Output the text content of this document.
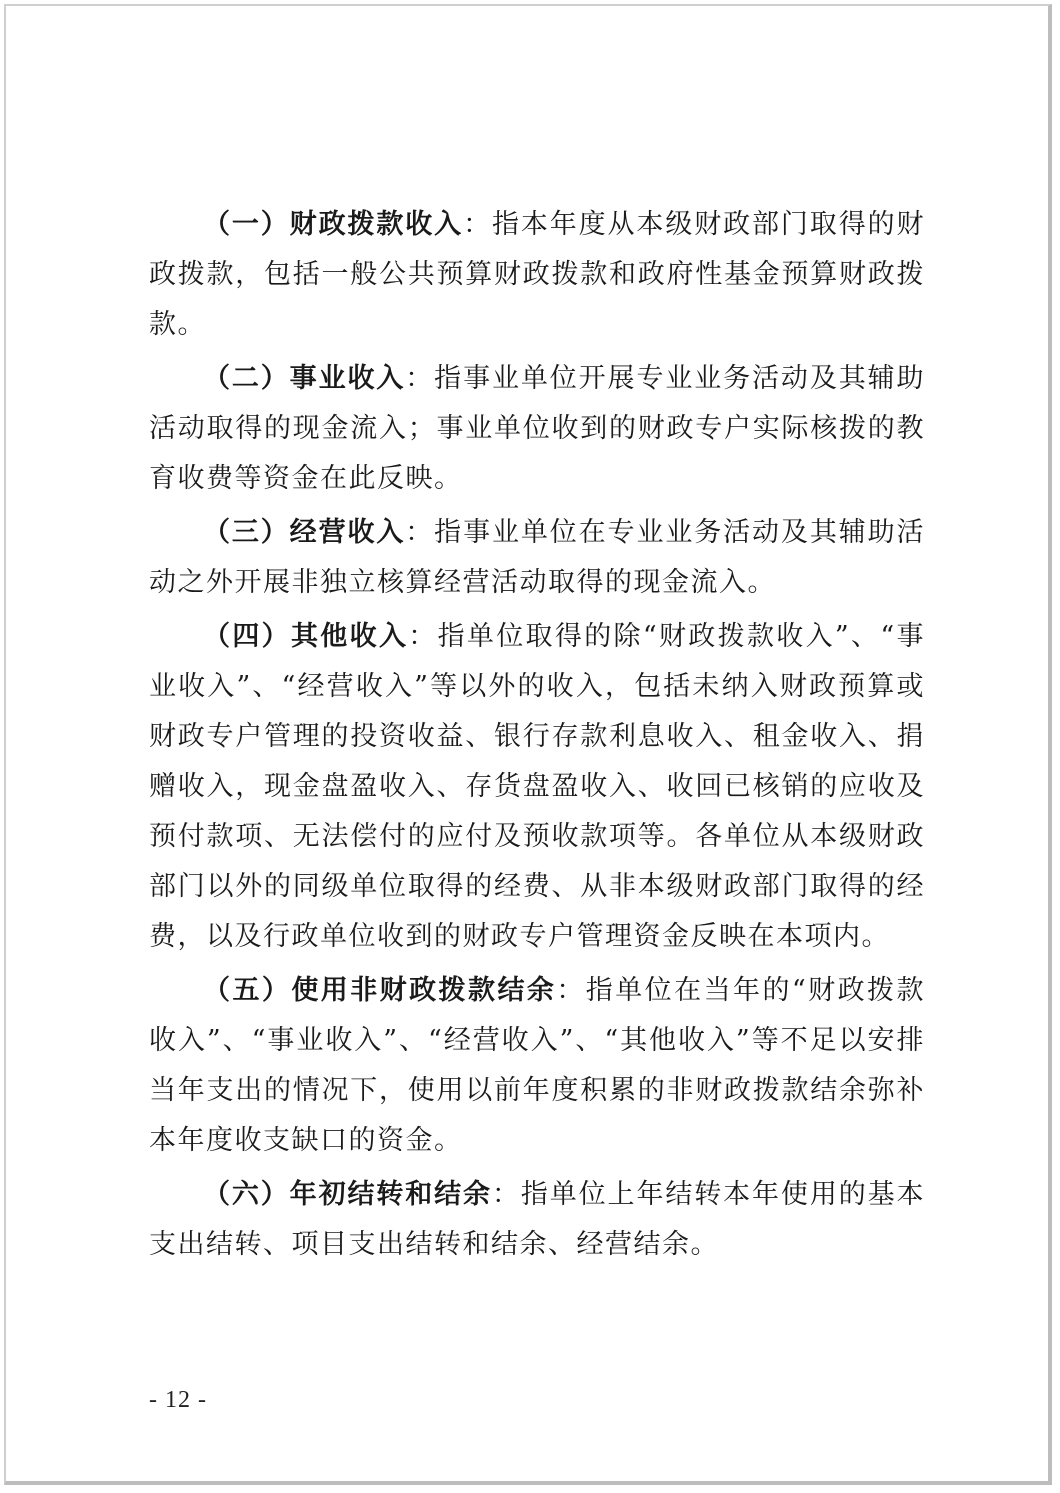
（一）财政拨款收入：指本年度从本级财政部门取得的财政拨款，包括一般公共预算财政拨款和政府性基金预算财政拨款。

（二）事业收入：指事业单位开展专业业务活动及其辅助活动取得的现金流入；事业单位收到的财政专户实际核拨的教育收费等资金在此反映。

（三）经营收入：指事业单位在专业业务活动及其辅助活动之外开展非独立核算经营活动取得的现金流入。

（四）其他收入：指单位取得的除“财政拨款收入”、“事业收入”、“经营收入”等以外的收入，包括未纳入财政预算或财政专户管理的投资收益、银行存款利息收入、租金收入、捐赠收入，现金盘盈收入、存货盘盈收入、收回已核销的应收及预付款项、无法偿付的应付及预收款项等。各单位从本级财政部门以外的同级单位取得的经费、从非本级财政部门取得的经费，以及行政单位收到的财政专户管理资金反映在本项内。

（五）使用非财政拨款结余：指单位在当年的“财政拨款收入”、“事业收入”、“经营收入”、“其他收入”等不足以安排当年支出的情况下，使用以前年度积累的非财政拨款结余弥补本年度收支缺口的资金。

（六）年初结转和结余：指单位上年结转本年使用的基本支出结转、项目支出结转和结余、经营结余。

- 12 -
